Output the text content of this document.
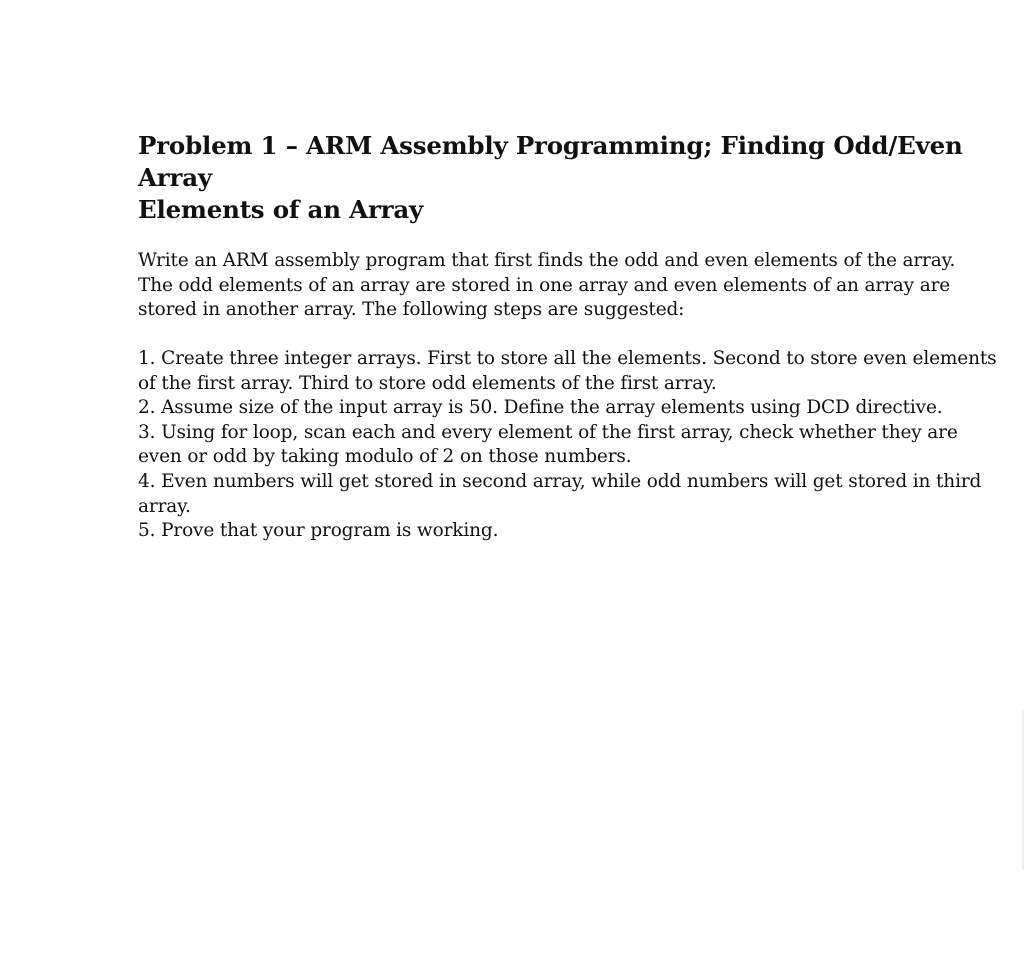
Problem 1 – ARM Assembly Programming; Finding Odd/Even Array
Elements of an Array

Write an ARM assembly program that first finds the odd and even elements of the array.
The odd elements of an array are stored in one array and even elements of an array are
stored in another array. The following steps are suggested:

1. Create three integer arrays. First to store all the elements. Second to store even elements
of the first array. Third to store odd elements of the first array.
2. Assume size of the input array is 50. Define the array elements using DCD directive.
3. Using for loop, scan each and every element of the first array, check whether they are
even or odd by taking modulo of 2 on those numbers.
4. Even numbers will get stored in second array, while odd numbers will get stored in third
array.
5. Prove that your program is working.
